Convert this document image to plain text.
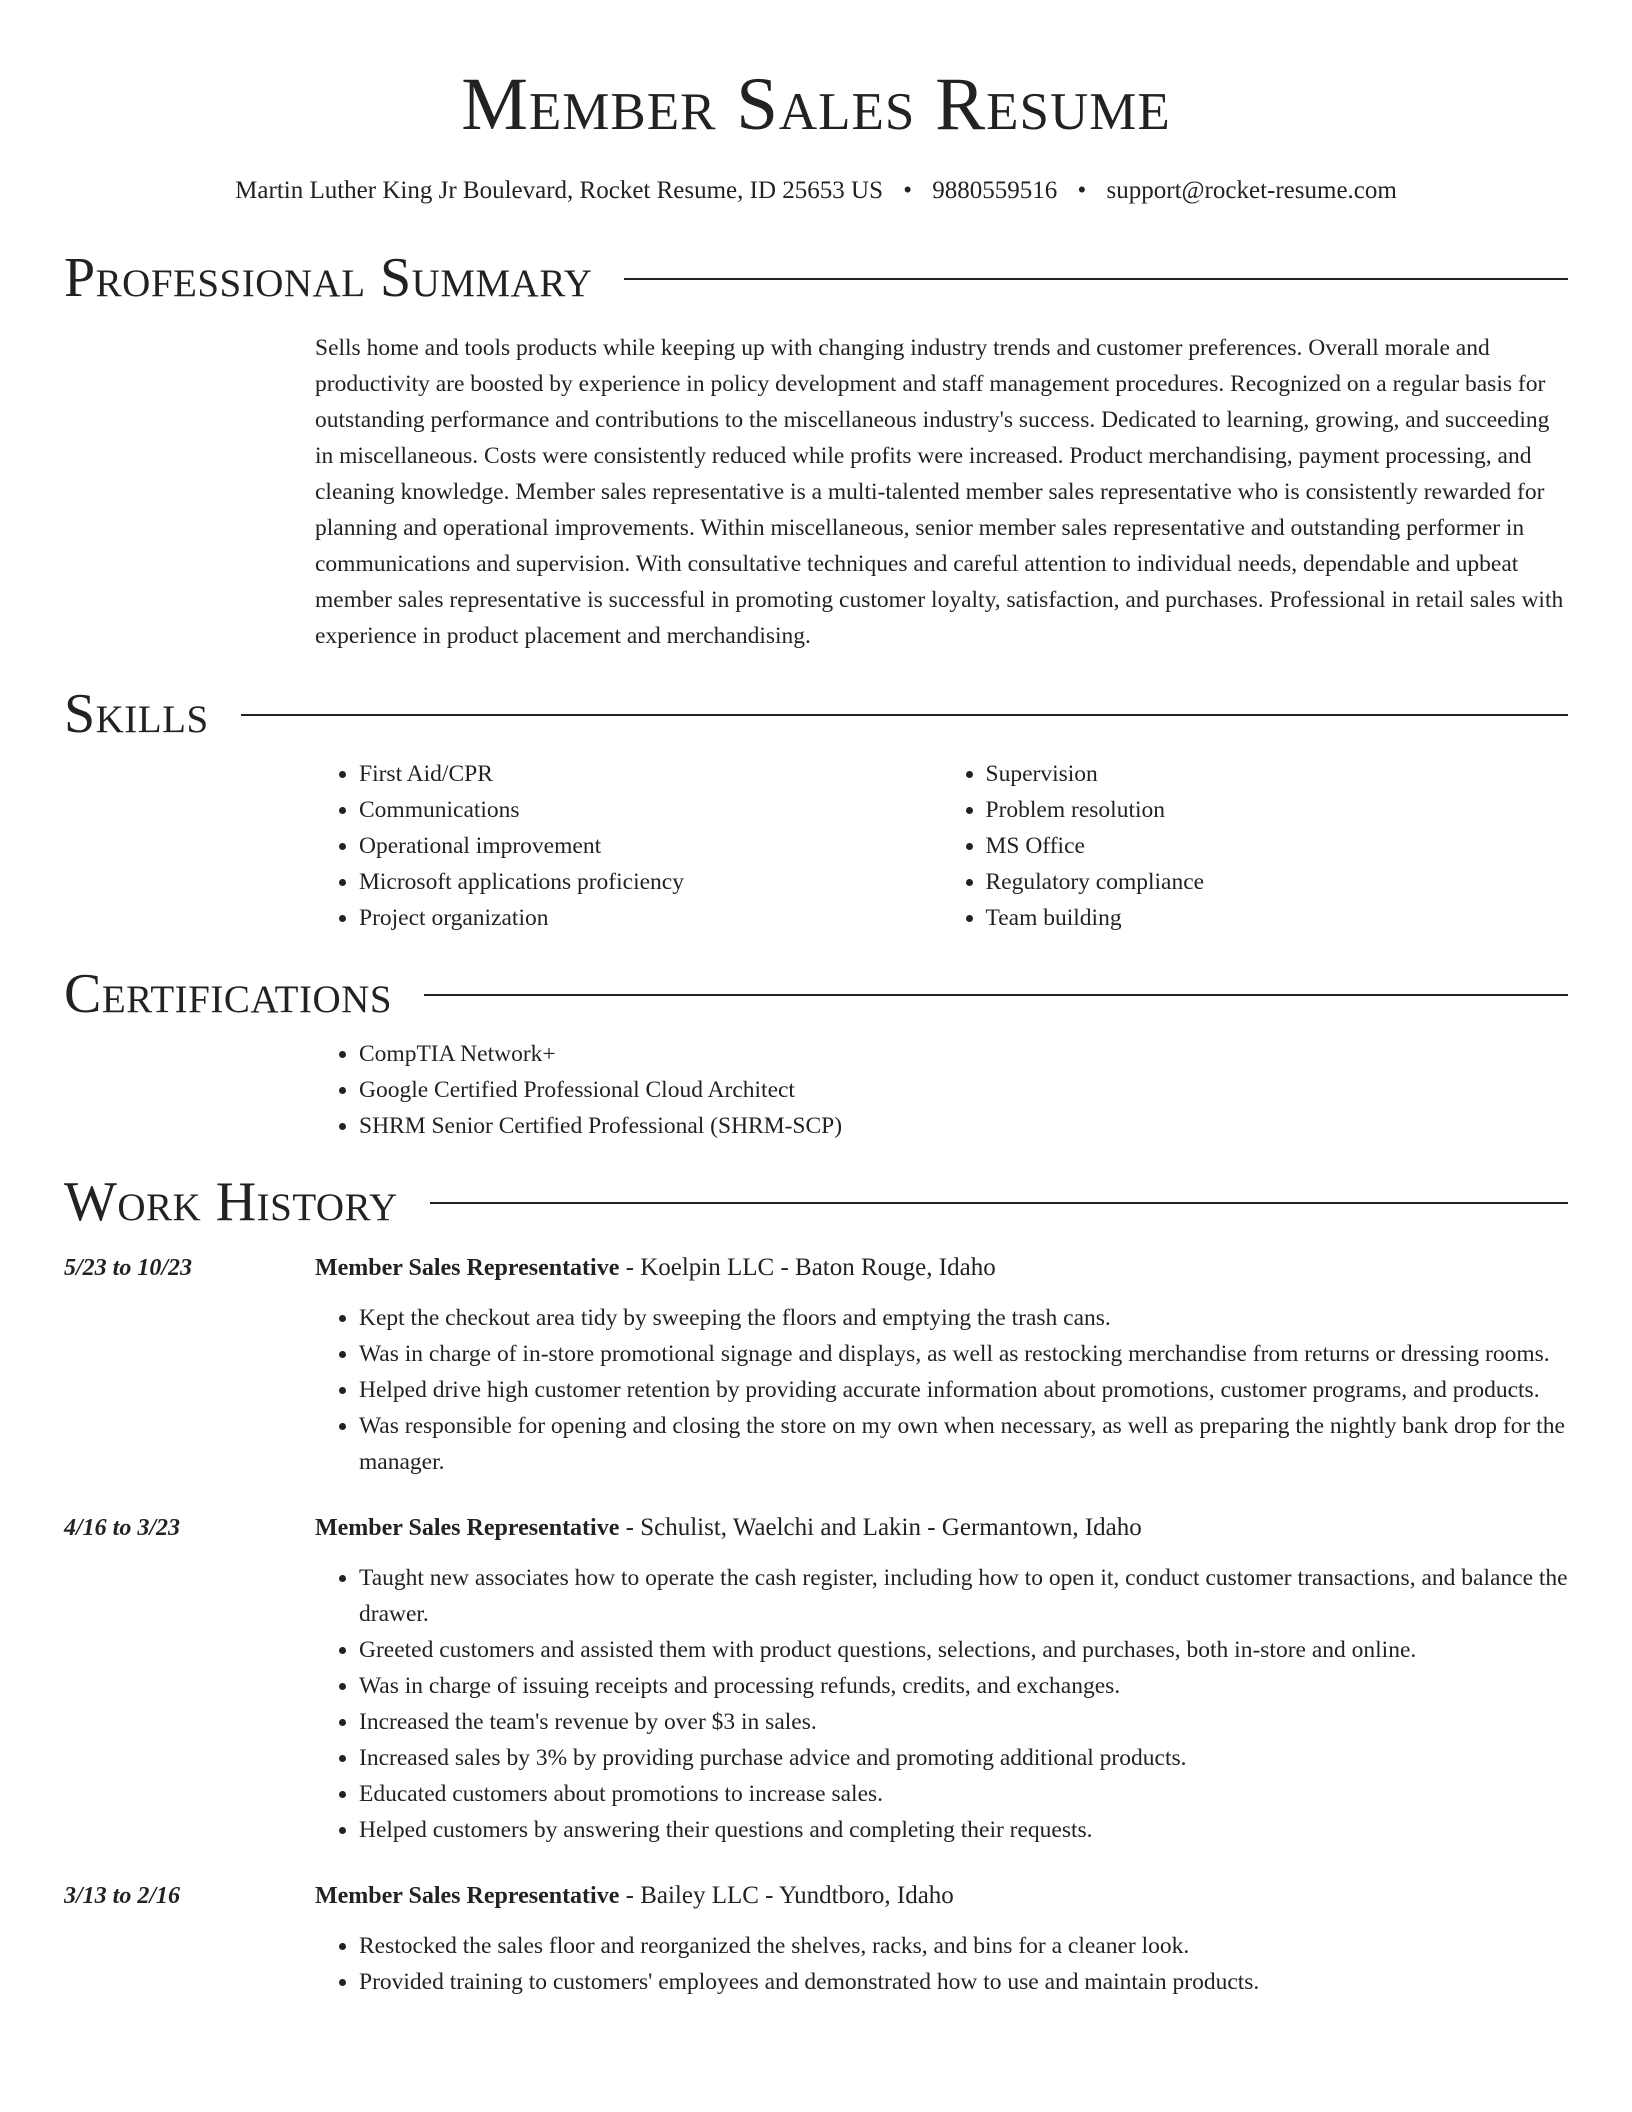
Member Sales Resume
Martin Luther King Jr Boulevard, Rocket Resume, ID 25653 US • 9880559516 • support@rocket-resume.com
Professional Summary
Sells home and tools products while keeping up with changing industry trends and customer preferences. Overall morale and productivity are boosted by experience in policy development and staff management procedures. Recognized on a regular basis for outstanding performance and contributions to the miscellaneous industry's success. Dedicated to learning, growing, and succeeding in miscellaneous. Costs were consistently reduced while profits were increased. Product merchandising, payment processing, and cleaning knowledge. Member sales representative is a multi-talented member sales representative who is consistently rewarded for planning and operational improvements. Within miscellaneous, senior member sales representative and outstanding performer in communications and supervision. With consultative techniques and careful attention to individual needs, dependable and upbeat member sales representative is successful in promoting customer loyalty, satisfaction, and purchases. Professional in retail sales with experience in product placement and merchandising.
Skills
• First Aid/CPR
• Communications
• Operational improvement
• Microsoft applications proficiency
• Project organization
• Supervision
• Problem resolution
• MS Office
• Regulatory compliance
• Team building
Certifications
• CompTIA Network+
• Google Certified Professional Cloud Architect
• SHRM Senior Certified Professional (SHRM-SCP)
Work History
5/23 to 10/23	Member Sales Representative - Koelpin LLC - Baton Rouge, Idaho
• Kept the checkout area tidy by sweeping the floors and emptying the trash cans.
• Was in charge of in-store promotional signage and displays, as well as restocking merchandise from returns or dressing rooms.
• Helped drive high customer retention by providing accurate information about promotions, customer programs, and products.
• Was responsible for opening and closing the store on my own when necessary, as well as preparing the nightly bank drop for the manager.
4/16 to 3/23	Member Sales Representative - Schulist, Waelchi and Lakin - Germantown, Idaho
• Taught new associates how to operate the cash register, including how to open it, conduct customer transactions, and balance the drawer.
• Greeted customers and assisted them with product questions, selections, and purchases, both in-store and online.
• Was in charge of issuing receipts and processing refunds, credits, and exchanges.
• Increased the team's revenue by over $3 in sales.
• Increased sales by 3% by providing purchase advice and promoting additional products.
• Educated customers about promotions to increase sales.
• Helped customers by answering their questions and completing their requests.
3/13 to 2/16	Member Sales Representative - Bailey LLC - Yundtboro, Idaho
• Restocked the sales floor and reorganized the shelves, racks, and bins for a cleaner look.
• Provided training to customers' employees and demonstrated how to use and maintain products.
